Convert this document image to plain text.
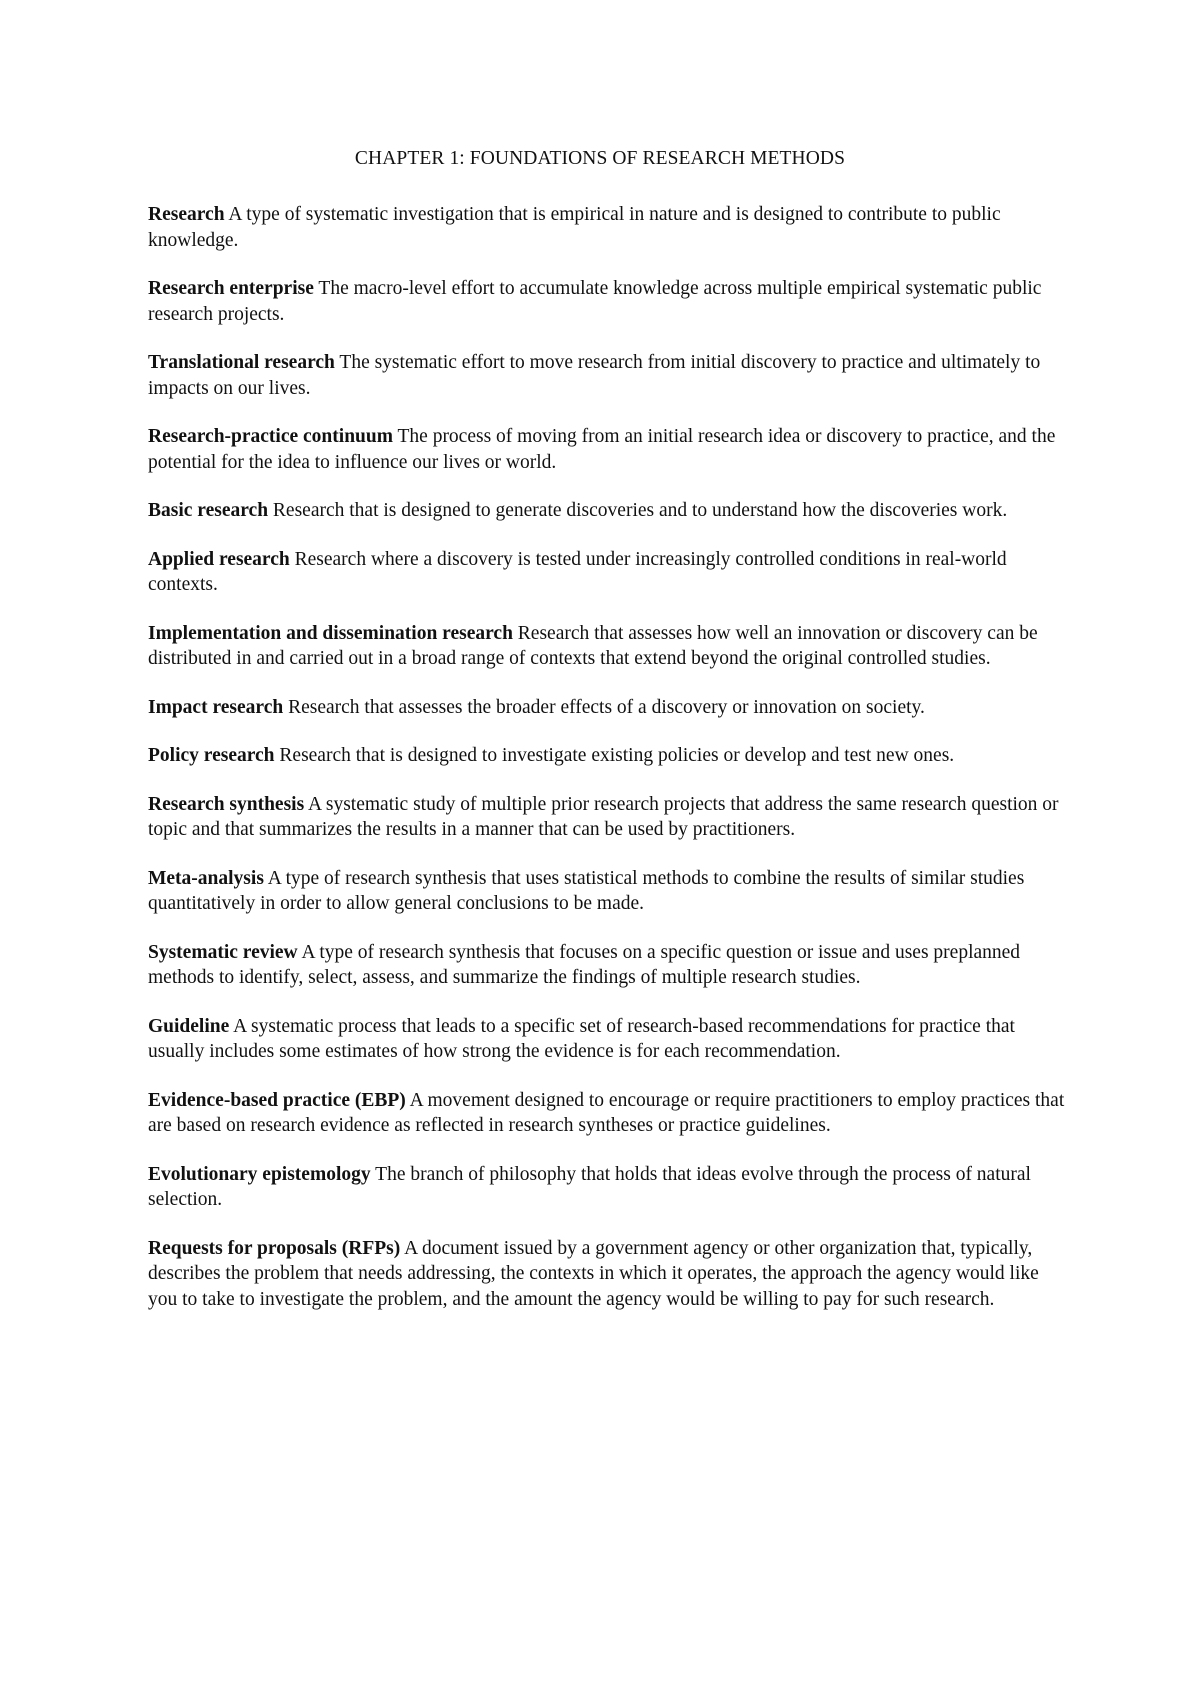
CHAPTER 1: FOUNDATIONS OF RESEARCH METHODS

Research A type of systematic investigation that is empirical in nature and is designed to contribute to public knowledge.

Research enterprise The macro-level effort to accumulate knowledge across multiple empirical systematic public research projects.

Translational research The systematic effort to move research from initial discovery to practice and ultimately to impacts on our lives.

Research-practice continuum The process of moving from an initial research idea or discovery to practice, and the potential for the idea to influence our lives or world.

Basic research Research that is designed to generate discoveries and to understand how the discoveries work.

Applied research Research where a discovery is tested under increasingly controlled conditions in real-world contexts.

Implementation and dissemination research Research that assesses how well an innovation or discovery can be distributed in and carried out in a broad range of contexts that extend beyond the original controlled studies.

Impact research Research that assesses the broader effects of a discovery or innovation on society.

Policy research Research that is designed to investigate existing policies or develop and test new ones.

Research synthesis A systematic study of multiple prior research projects that address the same research question or topic and that summarizes the results in a manner that can be used by practitioners.

Meta-analysis A type of research synthesis that uses statistical methods to combine the results of similar studies quantitatively in order to allow general conclusions to be made.

Systematic review A type of research synthesis that focuses on a specific question or issue and uses preplanned methods to identify, select, assess, and summarize the findings of multiple research studies.

Guideline A systematic process that leads to a specific set of research-based recommendations for practice that usually includes some estimates of how strong the evidence is for each recommendation.

Evidence-based practice (EBP) A movement designed to encourage or require practitioners to employ practices that are based on research evidence as reflected in research syntheses or practice guidelines.

Evolutionary epistemology The branch of philosophy that holds that ideas evolve through the process of natural selection.

Requests for proposals (RFPs) A document issued by a government agency or other organization that, typically, describes the problem that needs addressing, the contexts in which it operates, the approach the agency would like you to take to investigate the problem, and the amount the agency would be willing to pay for such research.
